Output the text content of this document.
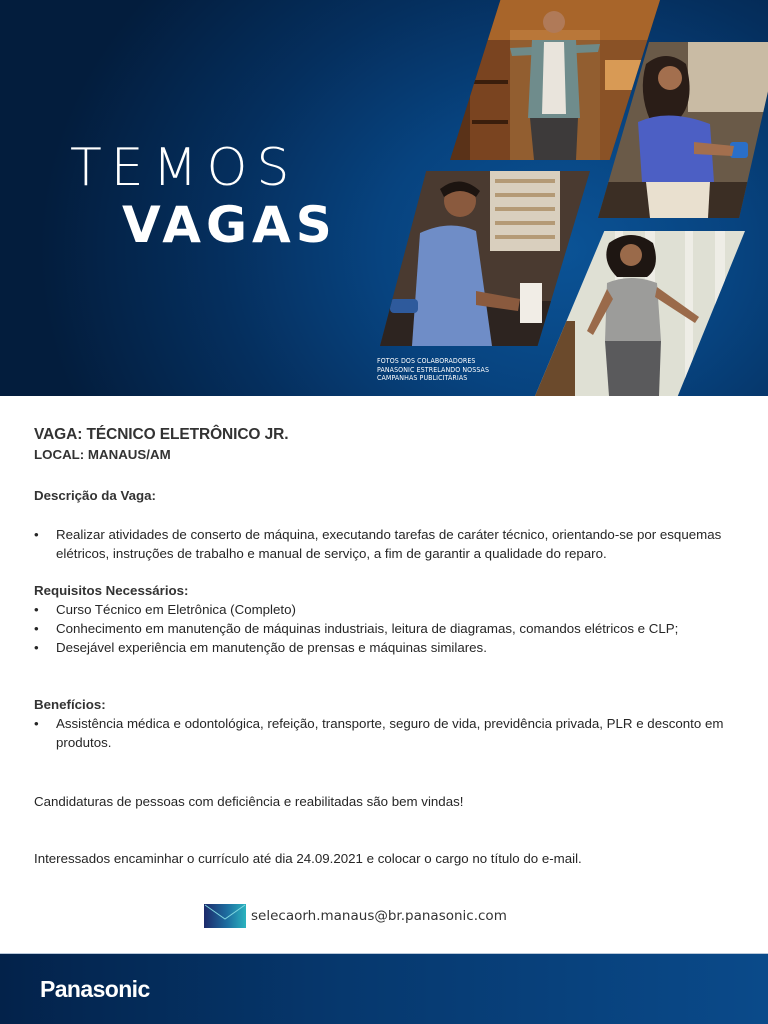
TEMOS
VAGAS
FOTOS DOS COLABORADORES
PANASONIC ESTRELANDO NOSSAS
CAMPANHAS PUBLICITÁRIAS
VAGA: TÉCNICO ELETRÔNICO JR.
LOCAL: MANAUS/AM
Descrição da Vaga:
• Realizar atividades de conserto de máquina, executando tarefas de caráter técnico, orientando-se por esquemas elétricos, instruções de trabalho e manual de serviço, a fim de garantir a qualidade do reparo.
Requisitos Necessários:
• Curso Técnico em Eletrônica (Completo)
• Conhecimento em manutenção de máquinas industriais, leitura de diagramas, comandos elétricos e CLP;
• Desejável experiência em manutenção de prensas e máquinas similares.
Benefícios:
• Assistência médica e odontológica, refeição, transporte, seguro de vida, previdência privada, PLR e desconto em produtos.

Candidaturas de pessoas com deficiência e reabilitadas são bem vindas!

Interessados encaminhar o currículo até dia 24.09.2021 e colocar o cargo no título do e-mail.

selecaorh.manaus@br.panasonic.com
Panasonic
